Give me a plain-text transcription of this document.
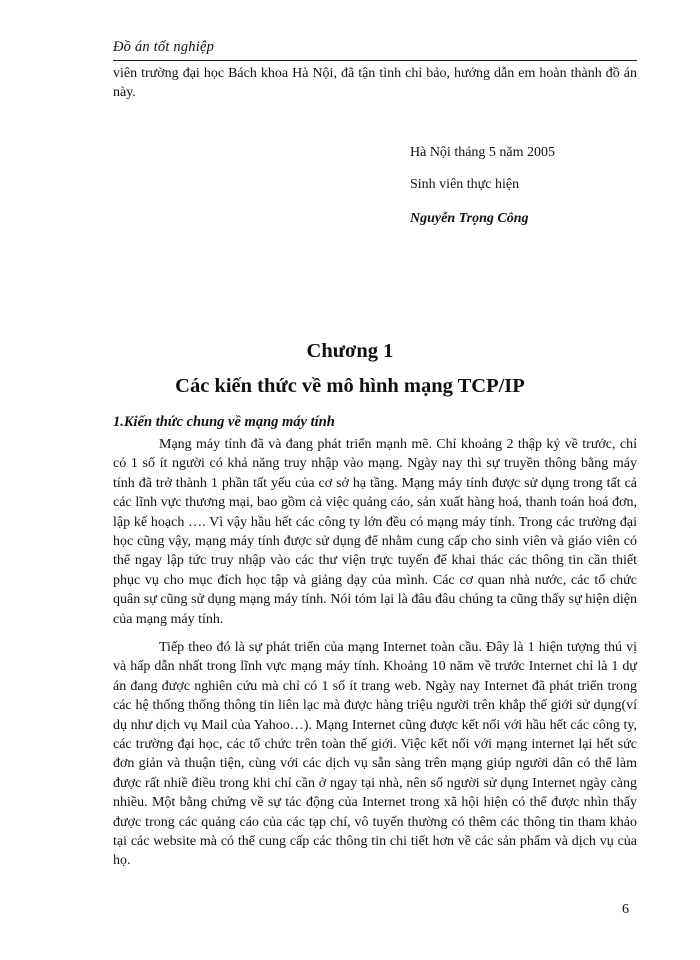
Đồ án tốt nghiệp

viên trường đại học Bách khoa Hà Nội, đã tận tình chỉ bảo, hướng dẫn em hoàn thành đồ án này.

Hà Nội tháng 5 năm 2005
Sinh viên thực hiện
Nguyễn Trọng Công
Chương 1
Các kiến thức về mô hình mạng TCP/IP
1.Kiến thức chung về mạng máy tính

Mạng máy tính đã và đang phát triển mạnh mẽ. Chỉ khoảng 2 thập kỷ về trước, chỉ có 1 số ít người có khả năng truy nhập vào mạng. Ngày nay thì sự truyền thông bằng máy tính đã trở thành 1 phần tất yếu của cơ sở hạ tầng. Mạng máy tính được sử dụng trong tất cả các lĩnh vực thương mại, bao gồm cả việc quảng cáo, sản xuất hàng hoá, thanh toán hoá đơn, lập kế hoạch …. Vì vậy hầu hết các công ty lớn đều có mạng máy tính. Trong các trường đại học cũng vậy, mạng máy tính được sử dụng để nhằm cung cấp cho sinh viên và giáo viên có thể ngay lập tức truy nhập vào các thư viện trực tuyến để khai thác các thông tin cần thiết phục vụ cho mục đích học tập và giảng dạy của mình. Các cơ quan nhà nước, các tổ chức quân sự cũng sử dụng mạng máy tính. Nói tóm lại là đâu đâu chúng ta cũng thấy sự hiện diện của mạng máy tính.

Tiếp theo đó là sự phát triển của mạng Internet toàn cầu. Đây là 1 hiện tượng thú vị và hấp dẫn nhất trong lĩnh vực mạng máy tính. Khoảng 10 năm về trước Internet chỉ là 1 dự án đang được nghiên cứu mà chỉ có 1 số ít trang web. Ngày nay Internet đã phát triển trong các hệ thống thống thông tin liên lạc mà được hàng triệu người trên khắp thế giới sử dụng(ví dụ như dịch vụ Mail của Yahoo…). Mạng Internet cũng được kết nối với hầu hết các công ty, các trường đại học, các tổ chức trên toàn thế giới. Việc kết nối với mạng internet lại hết sức đơn giản và thuận tiện, cùng với các dịch vụ sẵn sàng trên mạng giúp người dân có thể làm được rất nhiề điều trong khi chỉ cần ở ngay tại nhà, nên số người sử dụng Internet ngày càng nhiều. Một bằng chứng về sự tác động của Internet trong xã hội hiện có thể được nhìn thấy được trong các quảng cáo của các tạp chí, vô tuyến thường có thêm các thông tin tham khảo tại các website mà có thể cung cấp các thông tin chi tiết hơn về các sản phẩm và dịch vụ của họ.

6
